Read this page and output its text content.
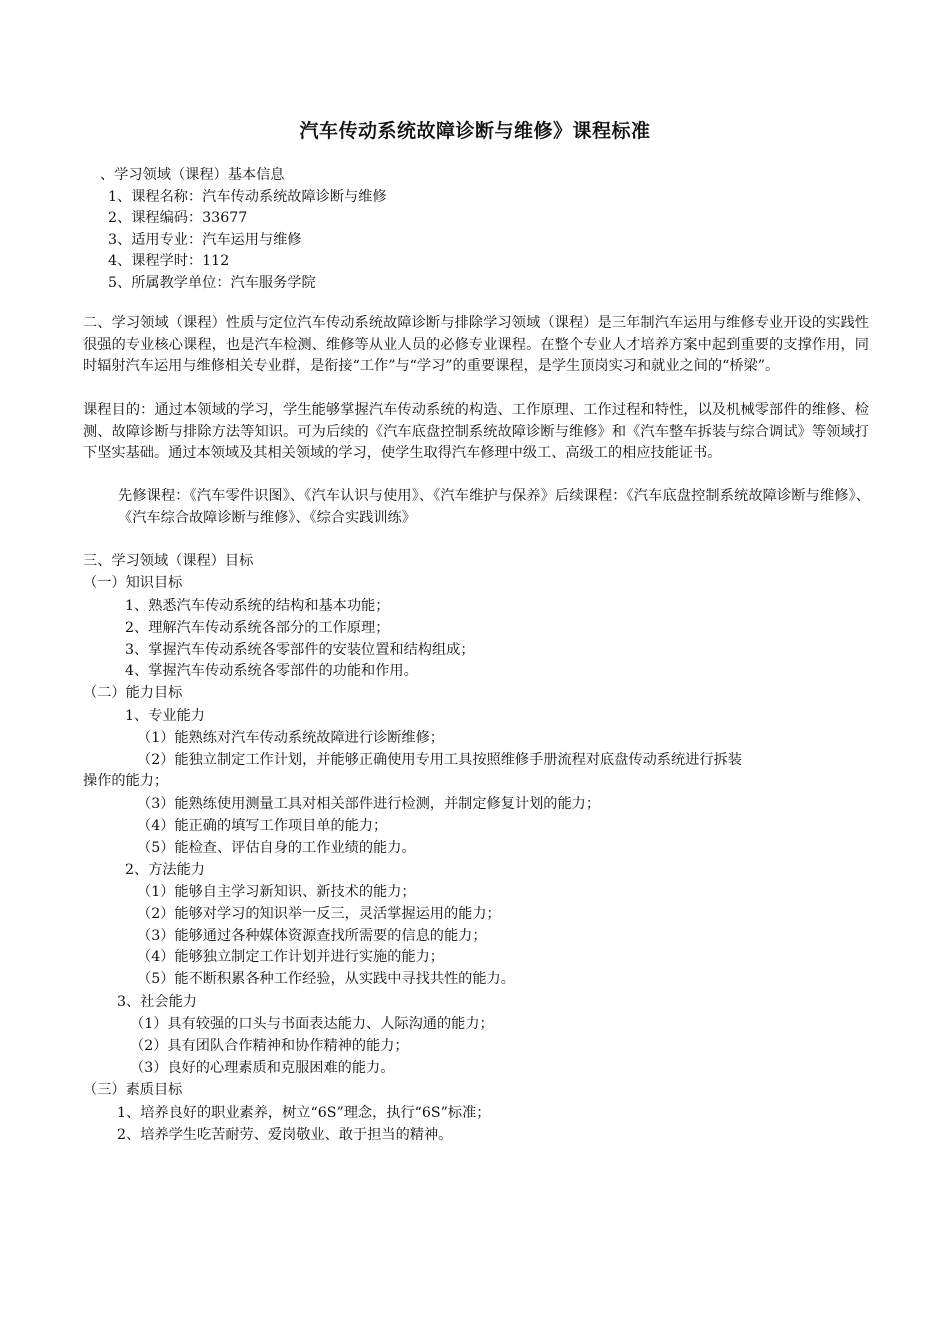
汽车传动系统故障诊断与维修》课程标准
、学习领域（课程）基本信息
1、课程名称：汽车传动系统故障诊断与维修
2、课程编码：33677
3、适用专业：汽车运用与维修
4、课程学时：112
5、所属教学单位：汽车服务学院
二、学习领域（课程）性质与定位汽车传动系统故障诊断与排除学习领域（课程）是三年制汽车运用与维修专业开设的实践性很强的专业核心课程，也是汽车检测、维修等从业人员的必修专业课程。在整个专业人才培养方案中起到重要的支撑作用，同时辐射汽车运用与维修相关专业群，是衔接“工作”与“学习”的重要课程，是学生顶岗实习和就业之间的“桥梁”。
课程目的：通过本领域的学习，学生能够掌握汽车传动系统的构造、工作原理、工作过程和特性，以及机械零部件的维修、检测、故障诊断与排除方法等知识。可为后续的《汽车底盘控制系统故障诊断与维修》和《汽车整车拆装与综合调试》等领域打下坚实基础。通过本领域及其相关领域的学习，使学生取得汽车修理中级工、高级工的相应技能证书。
先修课程：《汽车零件识图》、《汽车认识与使用》、《汽车维护与保养》后续课程：《汽车底盘控制系统故障诊断与维修》、《汽车综合故障诊断与维修》、《综合实践训练》
三、学习领域（课程）目标
（一）知识目标
1、熟悉汽车传动系统的结构和基本功能；
2、理解汽车传动系统各部分的工作原理；
3、掌握汽车传动系统各零部件的安装位置和结构组成；
4、掌握汽车传动系统各零部件的功能和作用。
（二）能力目标
1、专业能力
（1）能熟练对汽车传动系统故障进行诊断维修；
（2）能独立制定工作计划，并能够正确使用专用工具按照维修手册流程对底盘传动系统进行拆装
操作的能力；
（3）能熟练使用测量工具对相关部件进行检测，并制定修复计划的能力；
（4）能正确的填写工作项目单的能力；
（5）能检查、评估自身的工作业绩的能力。
2、方法能力
（1）能够自主学习新知识、新技术的能力；
（2）能够对学习的知识举一反三，灵活掌握运用的能力；
（3）能够通过各种媒体资源查找所需要的信息的能力；
（4）能够独立制定工作计划并进行实施的能力；
（5）能不断积累各种工作经验，从实践中寻找共性的能力。
3、社会能力
（1）具有较强的口头与书面表达能力、人际沟通的能力；
（2）具有团队合作精神和协作精神的能力；
（3）良好的心理素质和克服困难的能力。
（三）素质目标
1、培养良好的职业素养，树立“6S”理念，执行“6S”标准；
2、培养学生吃苦耐劳、爱岗敬业、敢于担当的精神。
